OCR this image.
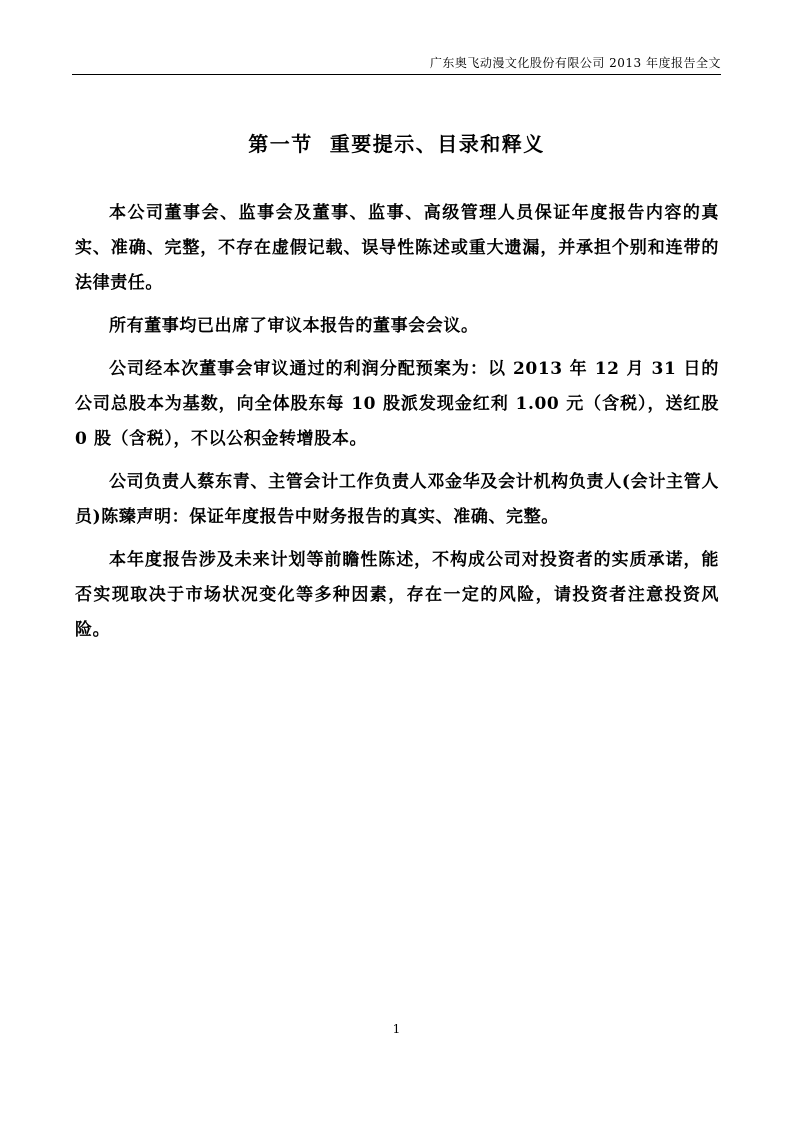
广东奥飞动漫文化股份有限公司 2013 年度报告全文
第一节  重要提示、目录和释义

本公司董事会、监事会及董事、监事、高级管理人员保证年度报告内容的真实、准确、完整，不存在虚假记载、误导性陈述或重大遗漏，并承担个别和连带的法律责任。

所有董事均已出席了审议本报告的董事会会议。

公司经本次董事会审议通过的利润分配预案为：以 2013 年 12 月 31 日的公司总股本为基数，向全体股东每 10 股派发现金红利 1.00 元（含税），送红股 0 股（含税），不以公积金转增股本。

公司负责人蔡东青、主管会计工作负责人邓金华及会计机构负责人(会计主管人员)陈臻声明：保证年度报告中财务报告的真实、准确、完整。

本年度报告涉及未来计划等前瞻性陈述，不构成公司对投资者的实质承诺，能否实现取决于市场状况变化等多种因素，存在一定的风险，请投资者注意投资风险。

1
